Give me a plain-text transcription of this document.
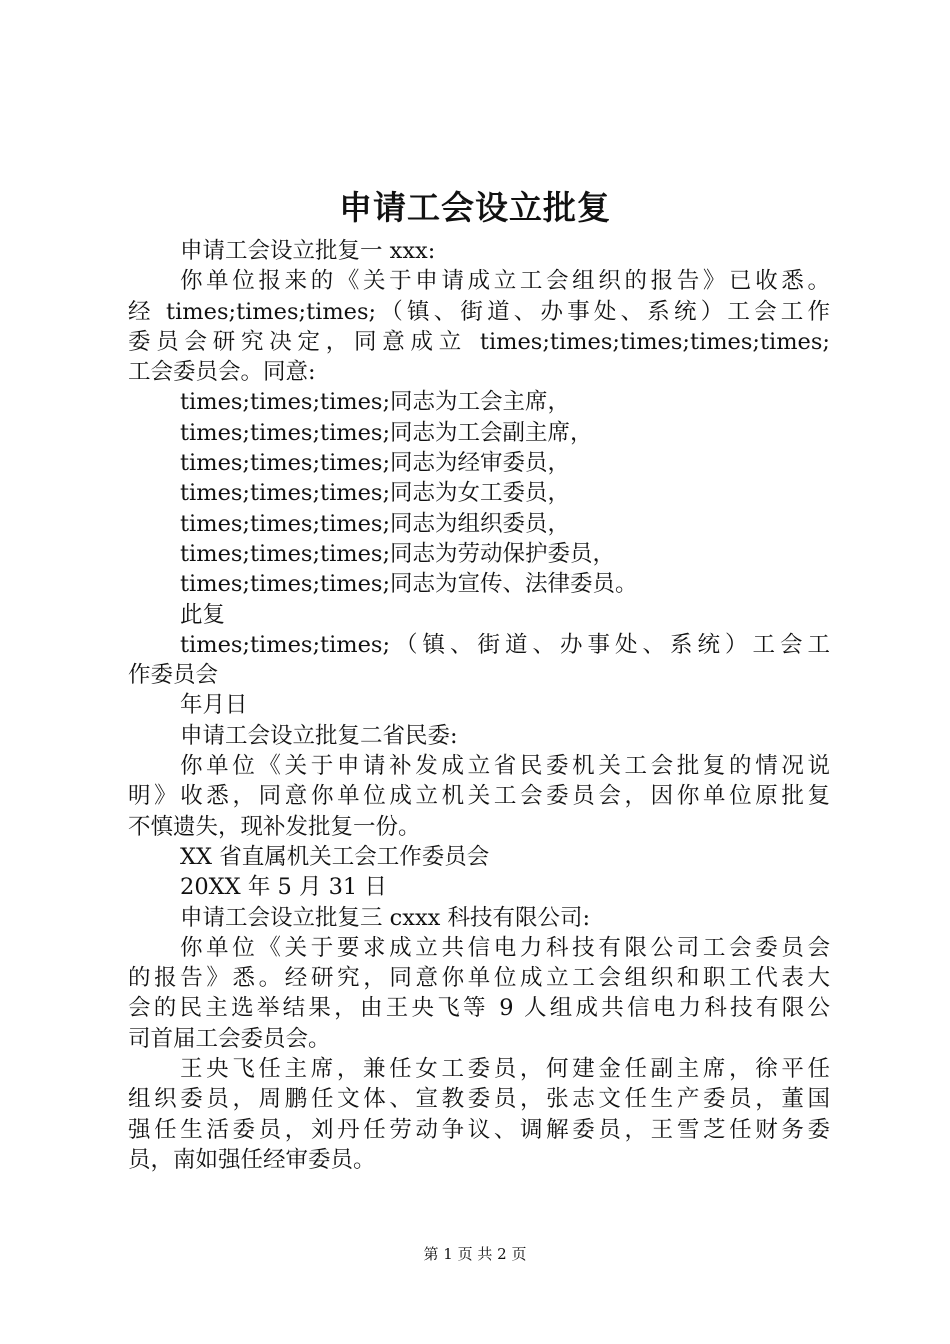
申请工会设立批复
申请工会设立批复一 xxx:
你单位报来的《关于申请成立工会组织的报告》已收悉。
经 times;times;times;（镇、街道、办事处、系统）工会工作
委员会研究决定，同意成立 times;times;times;times;times;
工会委员会。同意:
times;times;times;同志为工会主席，
times;times;times;同志为工会副主席，
times;times;times;同志为经审委员，
times;times;times;同志为女工委员，
times;times;times;同志为组织委员，
times;times;times;同志为劳动保护委员，
times;times;times;同志为宣传、法律委员。
此复
times;times;times;（镇、街道、办事处、系统）工会工
作委员会
年月日
申请工会设立批复二省民委:
你单位《关于申请补发成立省民委机关工会批复的情况说
明》收悉，同意你单位成立机关工会委员会，因你单位原批复
不慎遗失，现补发批复一份。
XX 省直属机关工会工作委员会
20XX 年 5 月 31 日
申请工会设立批复三 cxxx 科技有限公司:
你单位《关于要求成立共信电力科技有限公司工会委员会
的报告》悉。经研究，同意你单位成立工会组织和职工代表大
会的民主选举结果，由王央飞等 9 人组成共信电力科技有限公
司首届工会委员会。
王央飞任主席，兼任女工委员，何建金任副主席，徐平任
组织委员，周鹏任文体、宣教委员，张志文任生产委员，董国
强任生活委员，刘丹任劳动争议、调解委员，王雪芝任财务委
员，南如强任经审委员。
第 1 页 共 2 页
